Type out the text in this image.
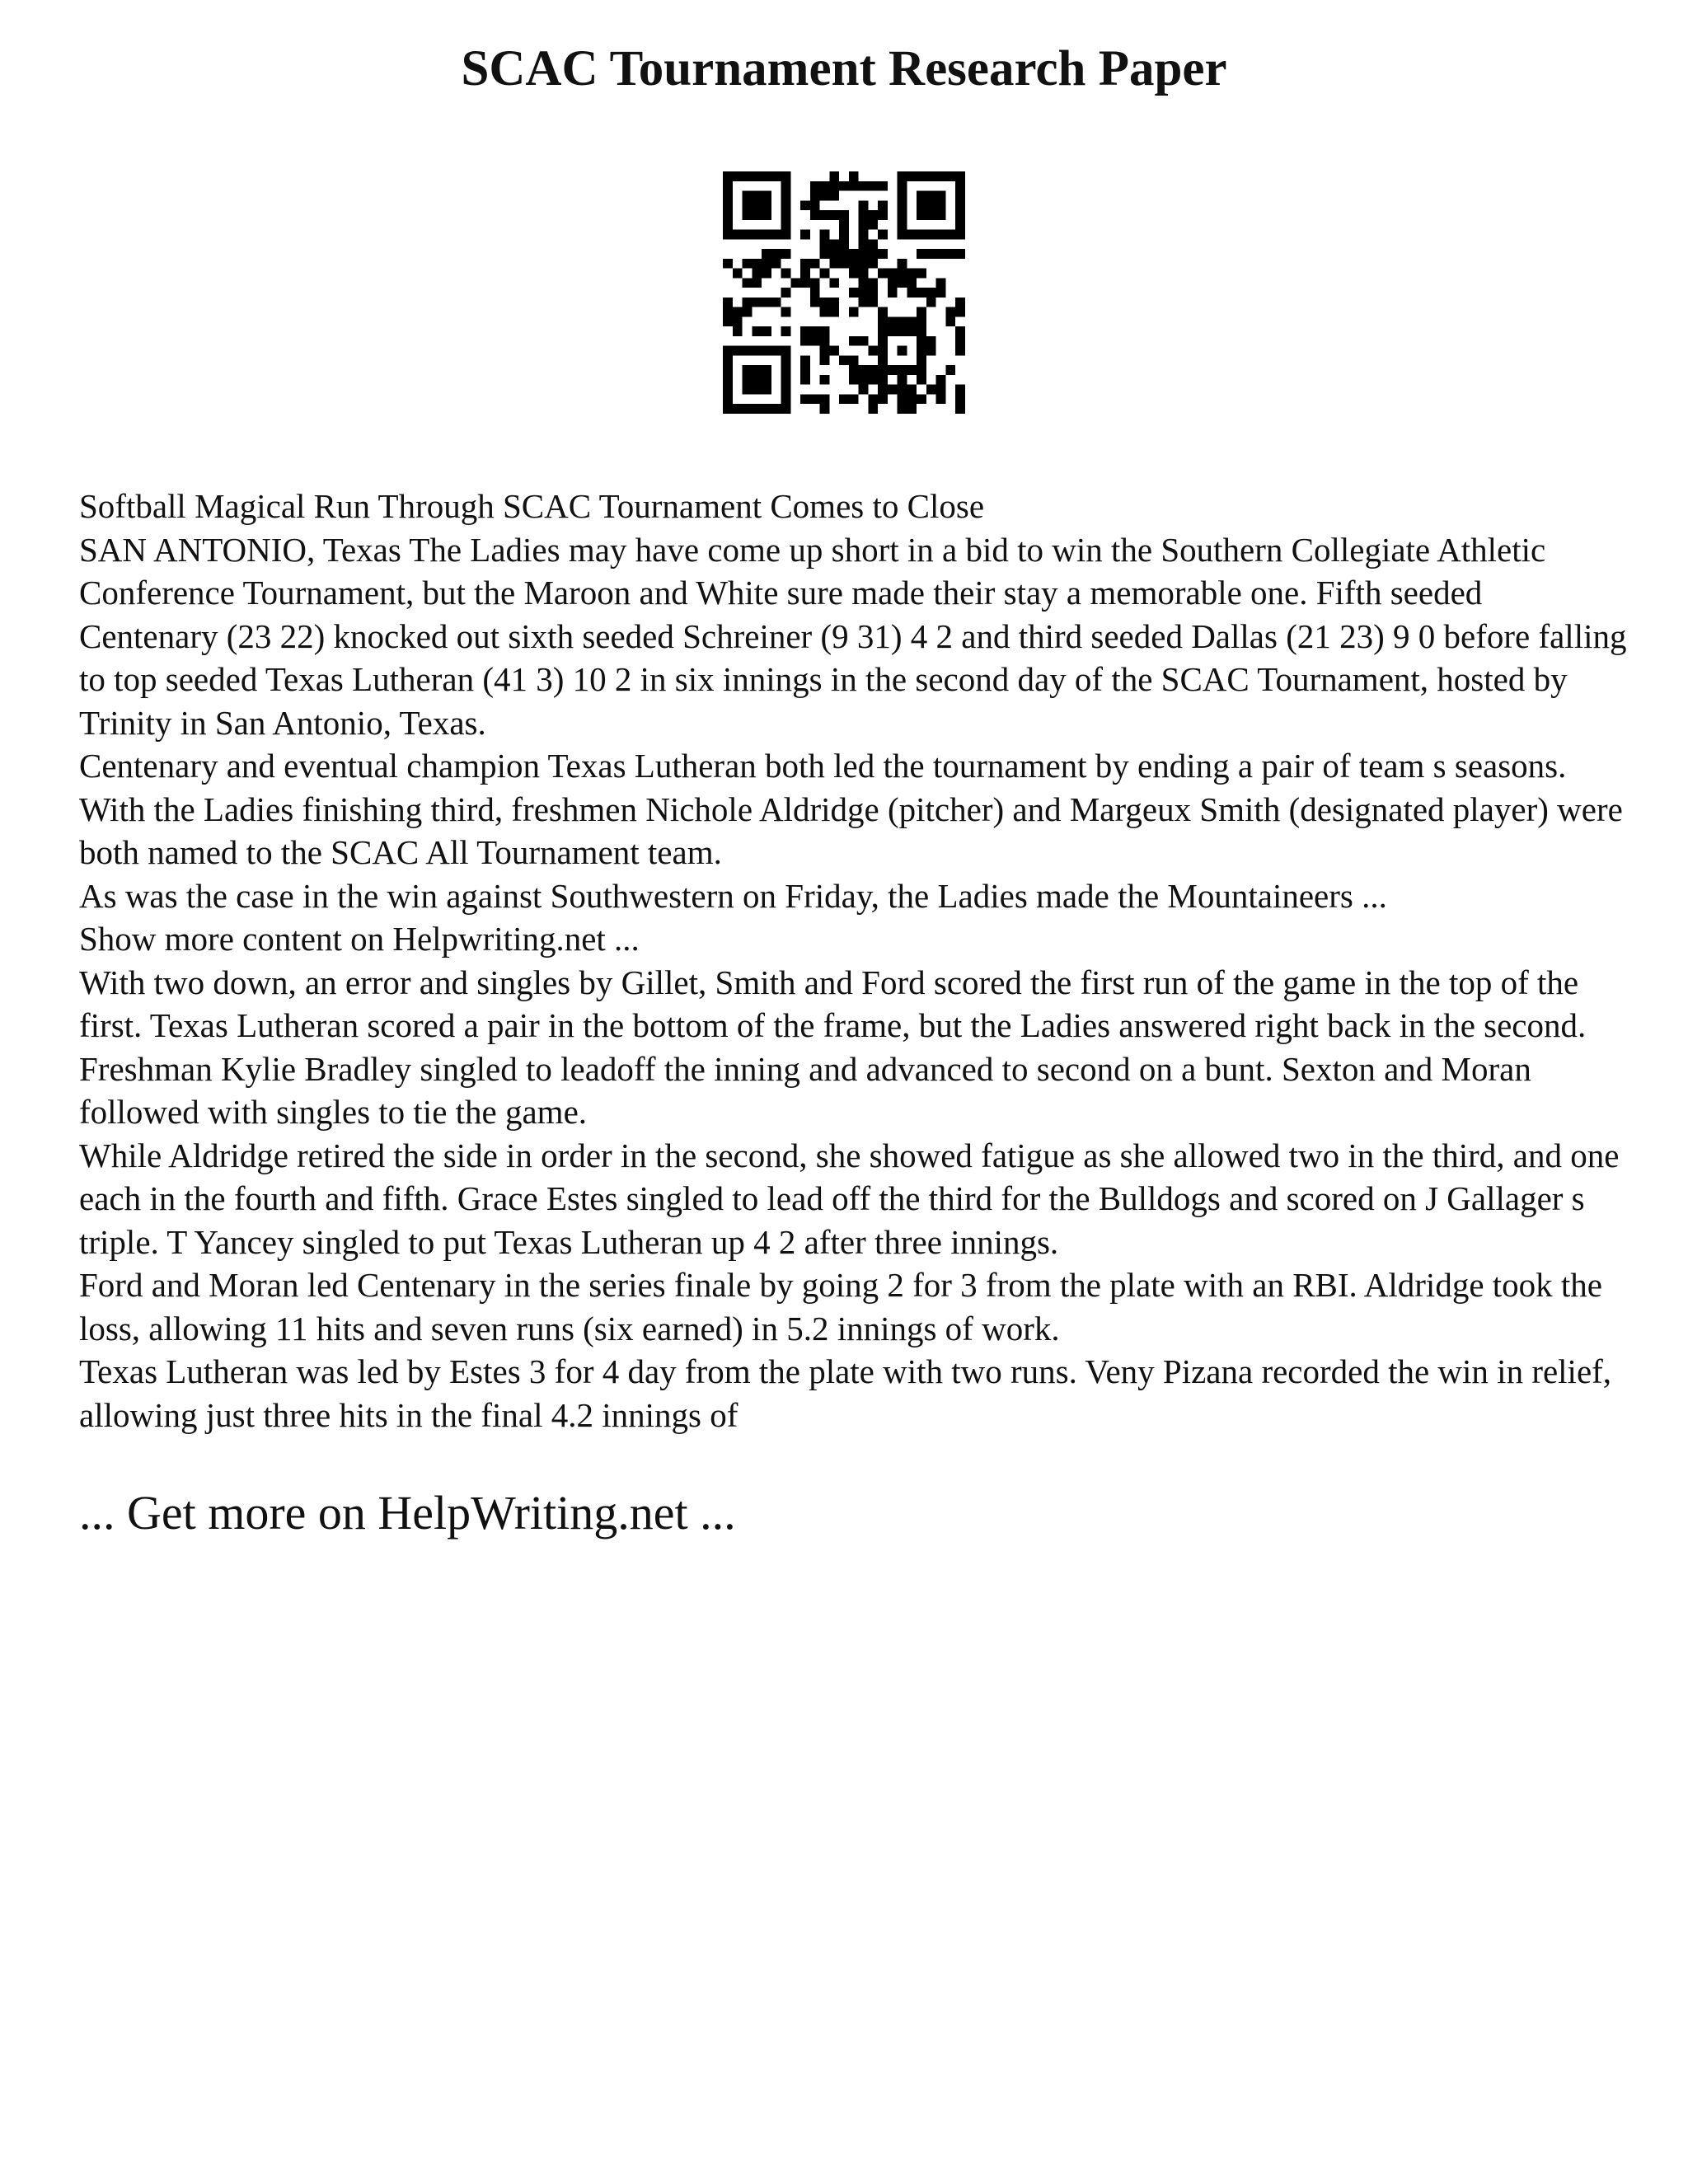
SCAC Tournament Research Paper

Softball Magical Run Through SCAC Tournament Comes to Close

SAN ANTONIO, Texas The Ladies may have come up short in a bid to win the Southern Collegiate Athletic Conference Tournament, but the Maroon and White sure made their stay a memorable one. Fifth seeded Centenary (23 22) knocked out sixth seeded Schreiner (9 31) 4 2 and third seeded Dallas (21 23) 9 0 before falling to top seeded Texas Lutheran (41 3) 10 2 in six innings in the second day of the SCAC Tournament, hosted by Trinity in San Antonio, Texas.

Centenary and eventual champion Texas Lutheran both led the tournament by ending a pair of team s seasons. With the Ladies finishing third, freshmen Nichole Aldridge (pitcher) and Margeux Smith (designated player) were both named to the SCAC All Tournament team.

As was the case in the win against Southwestern on Friday, the Ladies made the Mountaineers ...

Show more content on Helpwriting.net ...

With two down, an error and singles by Gillet, Smith and Ford scored the first run of the game in the top of the first. Texas Lutheran scored a pair in the bottom of the frame, but the Ladies answered right back in the second. Freshman Kylie Bradley singled to leadoff the inning and advanced to second on a bunt. Sexton and Moran followed with singles to tie the game.

While Aldridge retired the side in order in the second, she showed fatigue as she allowed two in the third, and one each in the fourth and fifth. Grace Estes singled to lead off the third for the Bulldogs and scored on J Gallager s triple. T Yancey singled to put Texas Lutheran up 4 2 after three innings.

Ford and Moran led Centenary in the series finale by going 2 for 3 from the plate with an RBI. Aldridge took the loss, allowing 11 hits and seven runs (six earned) in 5.2 innings of work.

Texas Lutheran was led by Estes 3 for 4 day from the plate with two runs. Veny Pizana recorded the win in relief, allowing just three hits in the final 4.2 innings of

... Get more on HelpWriting.net ...
